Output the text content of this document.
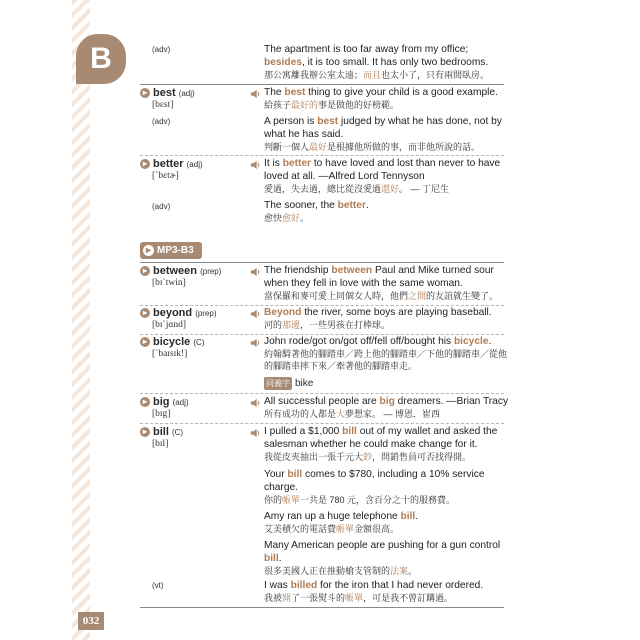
B
032
(adv)	The apartment is too far away from my office; besides, it is too small. It has only two bedrooms.
那公寓離我辦公室太遠；而且也太小了，只有兩間臥房。
▸ best (adj)
[bɛst]
The best thing to give your child is a good example.
給孩子最好的事是做他的好榜範。
(adv)	A person is best judged by what he has done, not by what he has said.
判斷一個人最好是根據他所做的事，而非他所說的話。
▸ better (adj)
[ˋbɛtɚ]
It is better to have loved and lost than never to have loved at all. —Alfred Lord Tennyson
愛過，失去過，總比從沒愛過還好。 — 丁尼生
(adv)	The sooner, the better.
愈快愈好。
▸ MP3-B3
▸ between (prep)
[bɪˋtwin]
The friendship between Paul and Mike turned sour when they fell in love with the same woman.
當保羅和麥可愛上同個女人時，他們之間的友誼就生變了。
▸ beyond (prep)
[bɪˋjɑnd]
Beyond the river, some boys are playing baseball.
河的那邊，一些男孩在打棒球。
▸ bicycle (C)
[ˋbaɪsɪk!]
John rode/got on/got off/fell off/bought his bicycle.
約翰騎著他的腳踏車／跨上他的腳踏車／下他的腳踏車／從他的腳踏車摔下來／牽著他的腳踏車走。
同義字 bike
▸ big (adj)
[bɪg]
All successful people are big dreamers. —Brian Tracy
所有成功的人都是大夢想家。 — 博恩．崔西
▸ bill (C)
[bɪl]
I pulled a $1,000 bill out of my wallet and asked the salesman whether he could make change for it.
我從皮夾抽出一張千元大鈔，問銷售員可否找得開。
Your bill comes to $780, including a 10% service charge.
你的帳單一共是 780 元，含百分之十的服務費。
Amy ran up a huge telephone bill.
艾美積欠的電話費帳單金額很高。
Many American people are pushing for a gun control bill.
很多美國人正在推動槍支管制的法案。
(vt)	I was billed for the iron that I had never ordered.
我被開了一張熨斗的帳單，可是我不曾訂購過。
